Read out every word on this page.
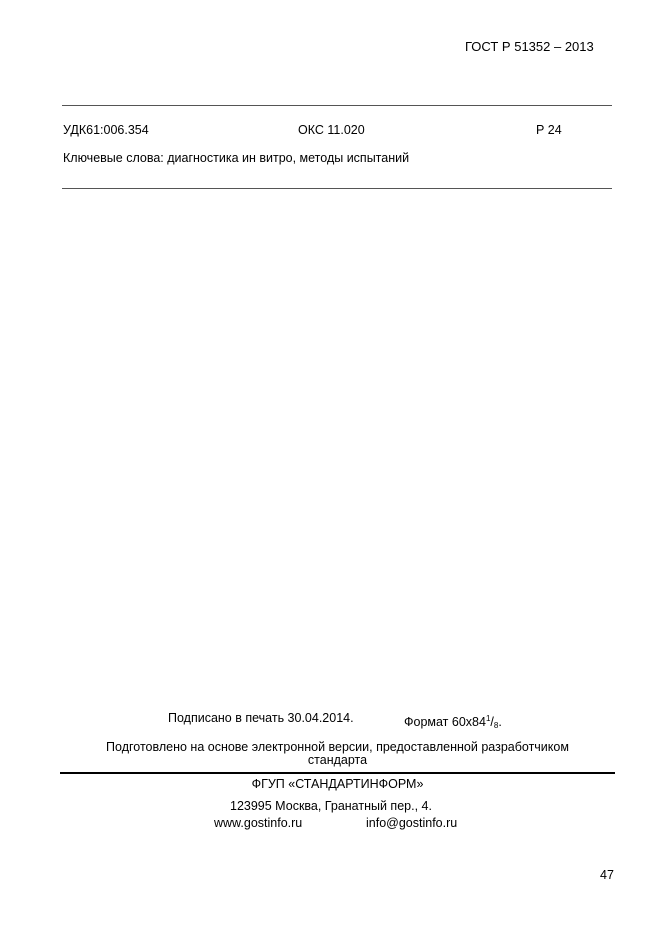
ГОСТ Р 51352 – 2013
УДК61:006.354	ОКС 11.020	Р 24
Ключевые слова: диагностика ин витро, методы испытаний
Подписано в печать 30.04.2014.	Формат $60x84^1/_8$.
Подготовлено на основе электронной версии, предоставленной разработчиком
стандарта
ФГУП «СТАНДАРТИНФОРМ»
123995 Москва, Гранатный пер., 4.
www.gostinfo.ru	info@gostinfo.ru
47
